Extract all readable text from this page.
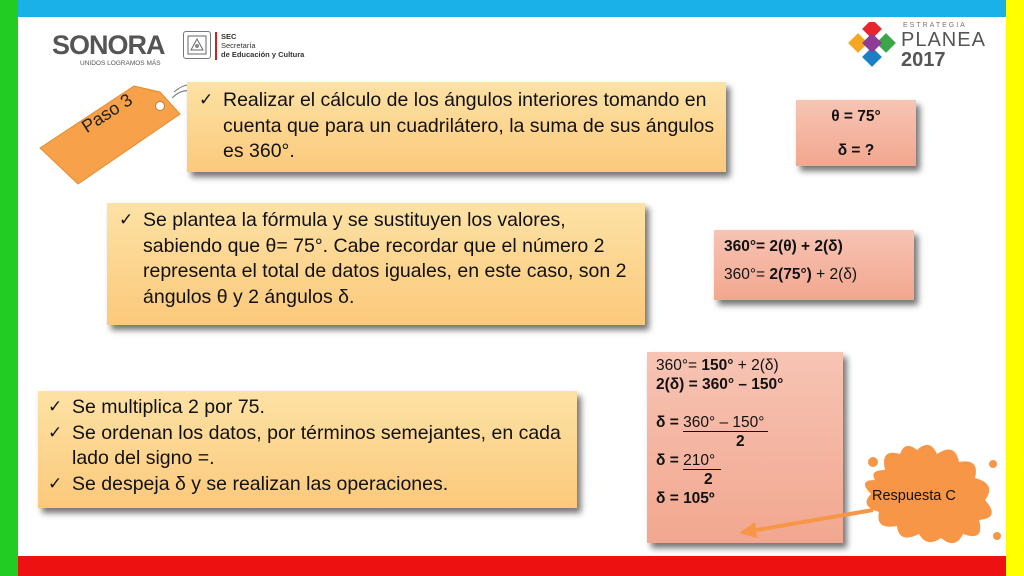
SONORA
UNIDOS LOGRAMOS MÁS
SEC
Secretaría
de Educación y Cultura
ESTRATEGIA
PLANEA
2017
Paso 3	✓ Realizar el cálculo de los ángulos interiores tomando en cuenta que para un cuadrilátero, la suma de sus ángulos es 360°.
✓ Se plantea la fórmula y se sustituyen los valores, sabiendo que θ= 75°. Cabe recordar que el número 2 representa el total de datos iguales, en este caso, son 2 ángulos θ y 2 ángulos δ.
✓ Se multiplica 2 por 75.
✓ Se ordenan los datos, por términos semejantes, en cada lado del signo =.
✓ Se despeja δ y se realizan las operaciones.
θ = 75°
δ = ?
360°= 2(θ) + 2(δ)
360°= 2(75°) + 2(δ)
360°= 150° + 2(δ)
2(δ) = 360° – 150°
δ = 360° – 150°
2
δ = 210°
2
δ = 105º	Respuesta C
